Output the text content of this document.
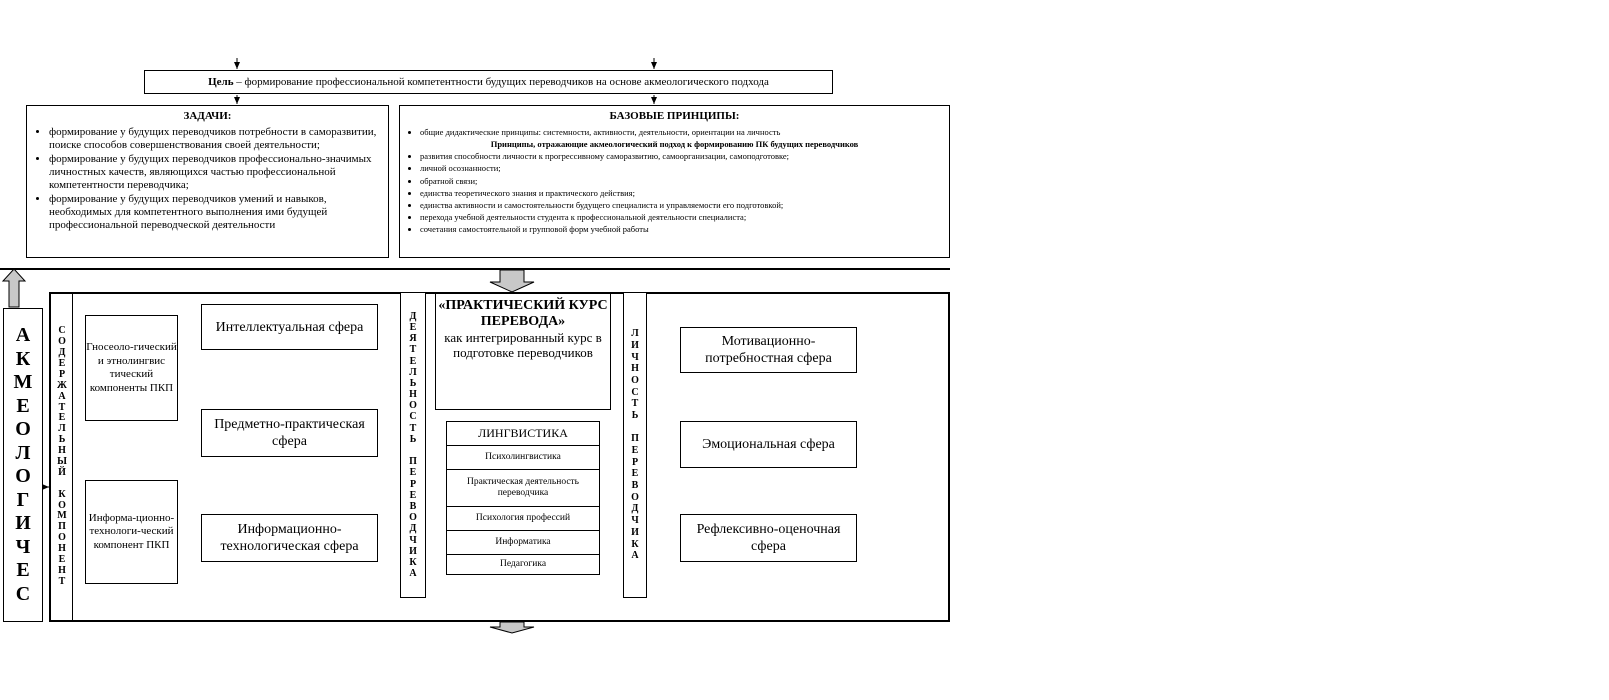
Цель – формирование профессиональной компетентности будущих переводчиков на основе акмеологического подхода
ЗАДАЧИ:
• формирование у будущих переводчиков потребности в саморазвитии, поиске способов совершенствования своей деятельности;
• формирование у будущих переводчиков профессионально-значимых личностных качеств, являющихся частью профессиональной компетентности переводчика;
• формирование у будущих переводчиков умений и навыков, необходимых для компетентного выполнения ими будущей профессиональной переводческой деятельности
БАЗОВЫЕ ПРИНЦИПЫ:
• общие дидактические принципы: системности, активности, деятельности, ориентации на личность
Принципы, отражающие акмеологический подход к формированию ПК будущих переводчиков
• развития способности личности к прогрессивному саморазвитию, самоорганизации, самоподготовке;
• личной осознанности;
• обратной связи;
• единства теоретического знания и практического действия;
• единства активности и самостоятельности будущего специалиста и управляемости его подготовкой;
• перехода учебной деятельности студента к профессиональной деятельности специалиста;
• сочетания самостоятельной и групповой форм учебной работы
А
К
М
Е
О
Л
О
Г
И
Ч
Е
С
С
О
Д
Е
Р
Ж
А
Т
Е
Л
Ь
Н
Ы
Й

К
О
М
П
О
Н
Е
Н
Т
Д
Е
Я
Т
Е
Л
Ь
Н
О
С
Т
Ь

П
Е
Р
Е
В
О
Д
Ч
И
К
А
Л
И
Ч
Н
О
С
Т
Ь

П
Е
Р
Е
В
О
Д
Ч
И
К
А
Гносеоло-гический и этнолингвис тический компоненты ПКП
Информа-ционно-технологи-ческий компонент ПКП
Интеллектуальная сфера
Предметно-практическая сфера
Информационно-технологическая сфера
«ПРАКТИЧЕСКИЙ КУРС ПЕРЕВОДА»
как интегрированный курс в подготовке переводчиков
ЛИНГВИСТИКА
Психолингвистика
Практическая деятельность переводчика
Психология профессий
Информатика
Педагогика
Мотивационно-потребностная сфера
Эмоциональная сфера
Рефлексивно-оценочная сфера
